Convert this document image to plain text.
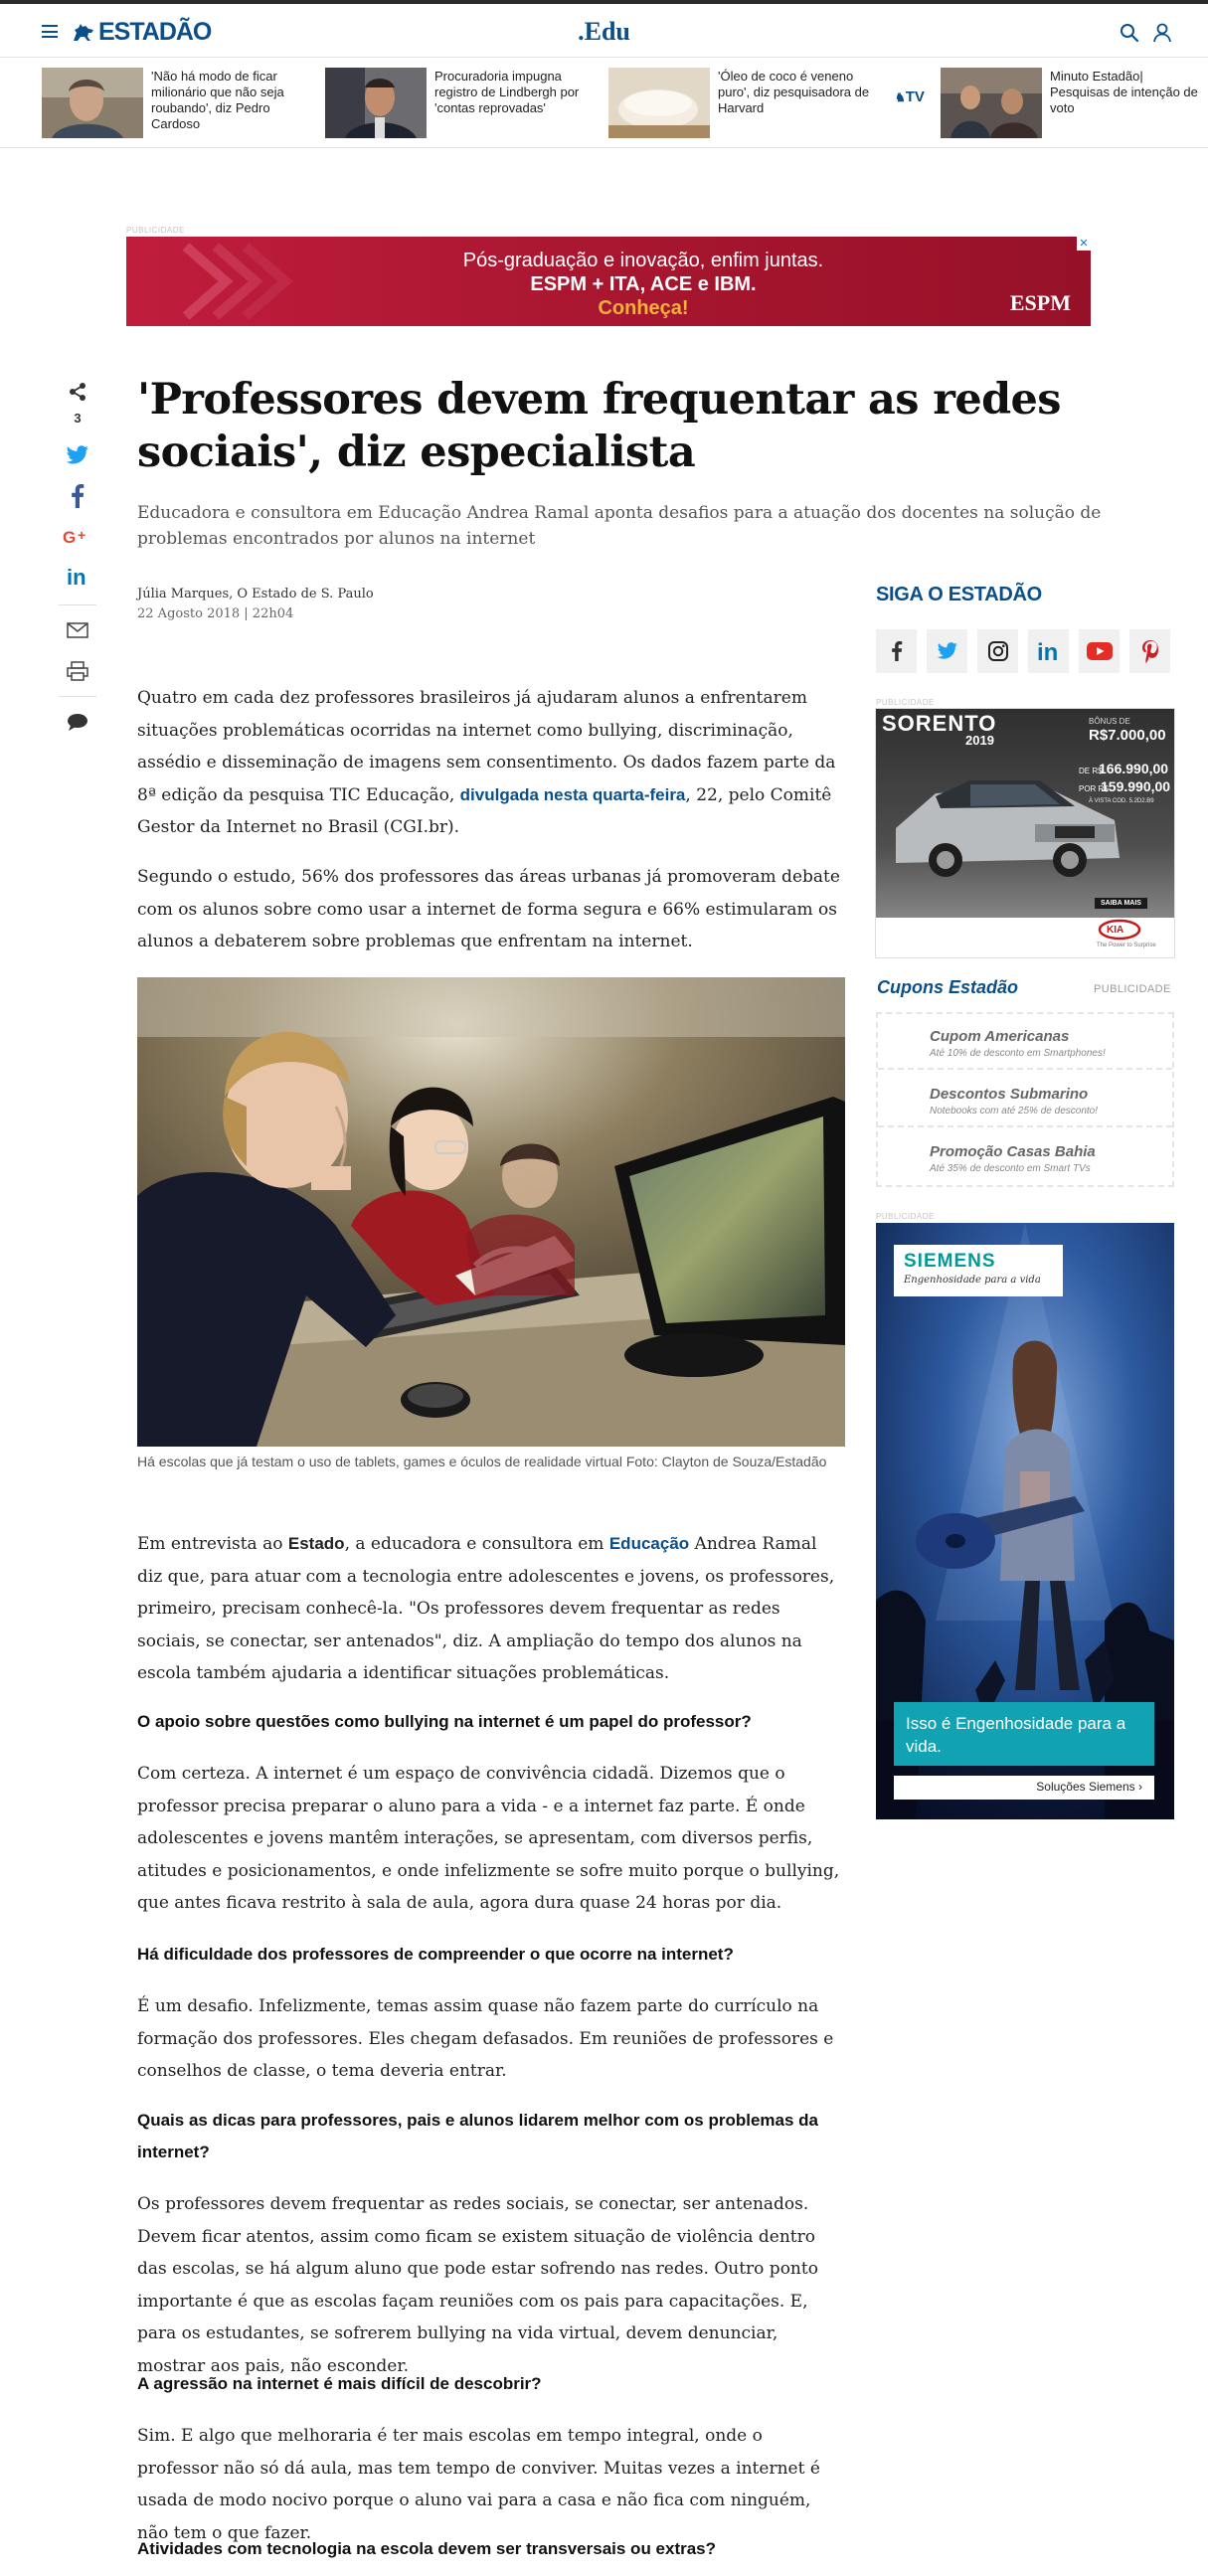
ESTADÃO	.Edu
'Não há modo de ficar milionário que não seja roubando', diz Pedro Cardoso
Procuradoria impugna registro de Lindbergh por 'contas reprovadas'
'Óleo de coco é veneno puro', diz pesquisadora de Harvard
♞TV
Minuto Estadão| Pesquisas de intenção de voto
PUBLICIDADE
Pós-graduação e inovação, enfim juntas.
ESPM + ITA, ACE e IBM.
Conheça!	ESPM
✕
3
G +
in
'Professores devem frequentar as redes sociais', diz especialista

Educadora e consultora em Educação Andrea Ramal aponta desafios para a atuação dos docentes na solução de problemas encontrados por alunos na internet

Júlia Marques, O Estado de S. Paulo
22 Agosto 2018 | 22h04

Quatro em cada dez professores brasileiros já ajudaram alunos a enfrentarem situações problemáticas ocorridas na internet como bullying, discriminação, assédio e disseminação de imagens sem consentimento. Os dados fazem parte da 8ª edição da pesquisa TIC Educação, divulgada nesta quarta-feira, 22, pelo Comitê Gestor da Internet no Brasil (CGI.br).

Segundo o estudo, 56% dos professores das áreas urbanas já promoveram debate com os alunos sobre como usar a internet de forma segura e 66% estimularam os alunos a debaterem sobre problemas que enfrentam na internet.

Há escolas que já testam o uso de tablets, games e óculos de realidade virtual Foto: Clayton de Souza/Estadão

Em entrevista ao Estado, a educadora e consultora em Educação Andrea Ramal diz que, para atuar com a tecnologia entre adolescentes e jovens, os professores, primeiro, precisam conhecê-la. "Os professores devem frequentar as redes sociais, se conectar, ser antenados", diz. A ampliação do tempo dos alunos na escola também ajudaria a identificar situações problemáticas.

O apoio sobre questões como bullying na internet é um papel do professor?

Com certeza. A internet é um espaço de convivência cidadã. Dizemos que o professor precisa preparar o aluno para a vida - e a internet faz parte. É onde adolescentes e jovens mantêm interações, se apresentam, com diversos perfis, atitudes e posicionamentos, e onde infelizmente se sofre muito porque o bullying, que antes ficava restrito à sala de aula, agora dura quase 24 horas por dia.

Há dificuldade dos professores de compreender o que ocorre na internet?

É um desafio. Infelizmente, temas assim quase não fazem parte do currículo na formação dos professores. Eles chegam defasados. Em reuniões de professores e conselhos de classe, o tema deveria entrar.

Quais as dicas para professores, pais e alunos lidarem melhor com os problemas da internet?

Os professores devem frequentar as redes sociais, se conectar, ser antenados. Devem ficar atentos, assim como ficam se existem situação de violência dentro das escolas, se há algum aluno que pode estar sofrendo nas redes. Outro ponto importante é que as escolas façam reuniões com os pais para capacitações. E, para os estudantes, se sofrerem bullying na vida virtual, devem denunciar, mostrar aos pais, não esconder.

A agressão na internet é mais difícil de descobrir?

Sim. E algo que melhoraria é ter mais escolas em tempo integral, onde o professor não só dá aula, mas tem tempo de conviver. Muitas vezes a internet é usada de modo nocivo porque o aluno vai para a casa e não fica com ninguém, não tem o que fazer.

Atividades com tecnologia na escola devem ser transversais ou extras?
SIGA O ESTADÃO
in
PUBLICIDADE
SORENTO
2019
BÔNUS DE
R$7.000,00
DE R$
166.990,00
POR R$
159.990,00
À VISTA COD. 5.2D2.B9
SAIBA MAIS
KIA
The Power to Surprise
Cupons Estadão	PUBLICIDADE
Cupom Americanas
Até 10% de desconto em Smartphones!
Descontos Submarino
Notebooks com até 25% de desconto!
Promoção Casas Bahia
Até 35% de desconto em Smart TVs
PUBLICIDADE
SIEMENS
Engenhosidade para a vida
Isso é Engenhosidade para a vida.
Soluções Siemens ›
